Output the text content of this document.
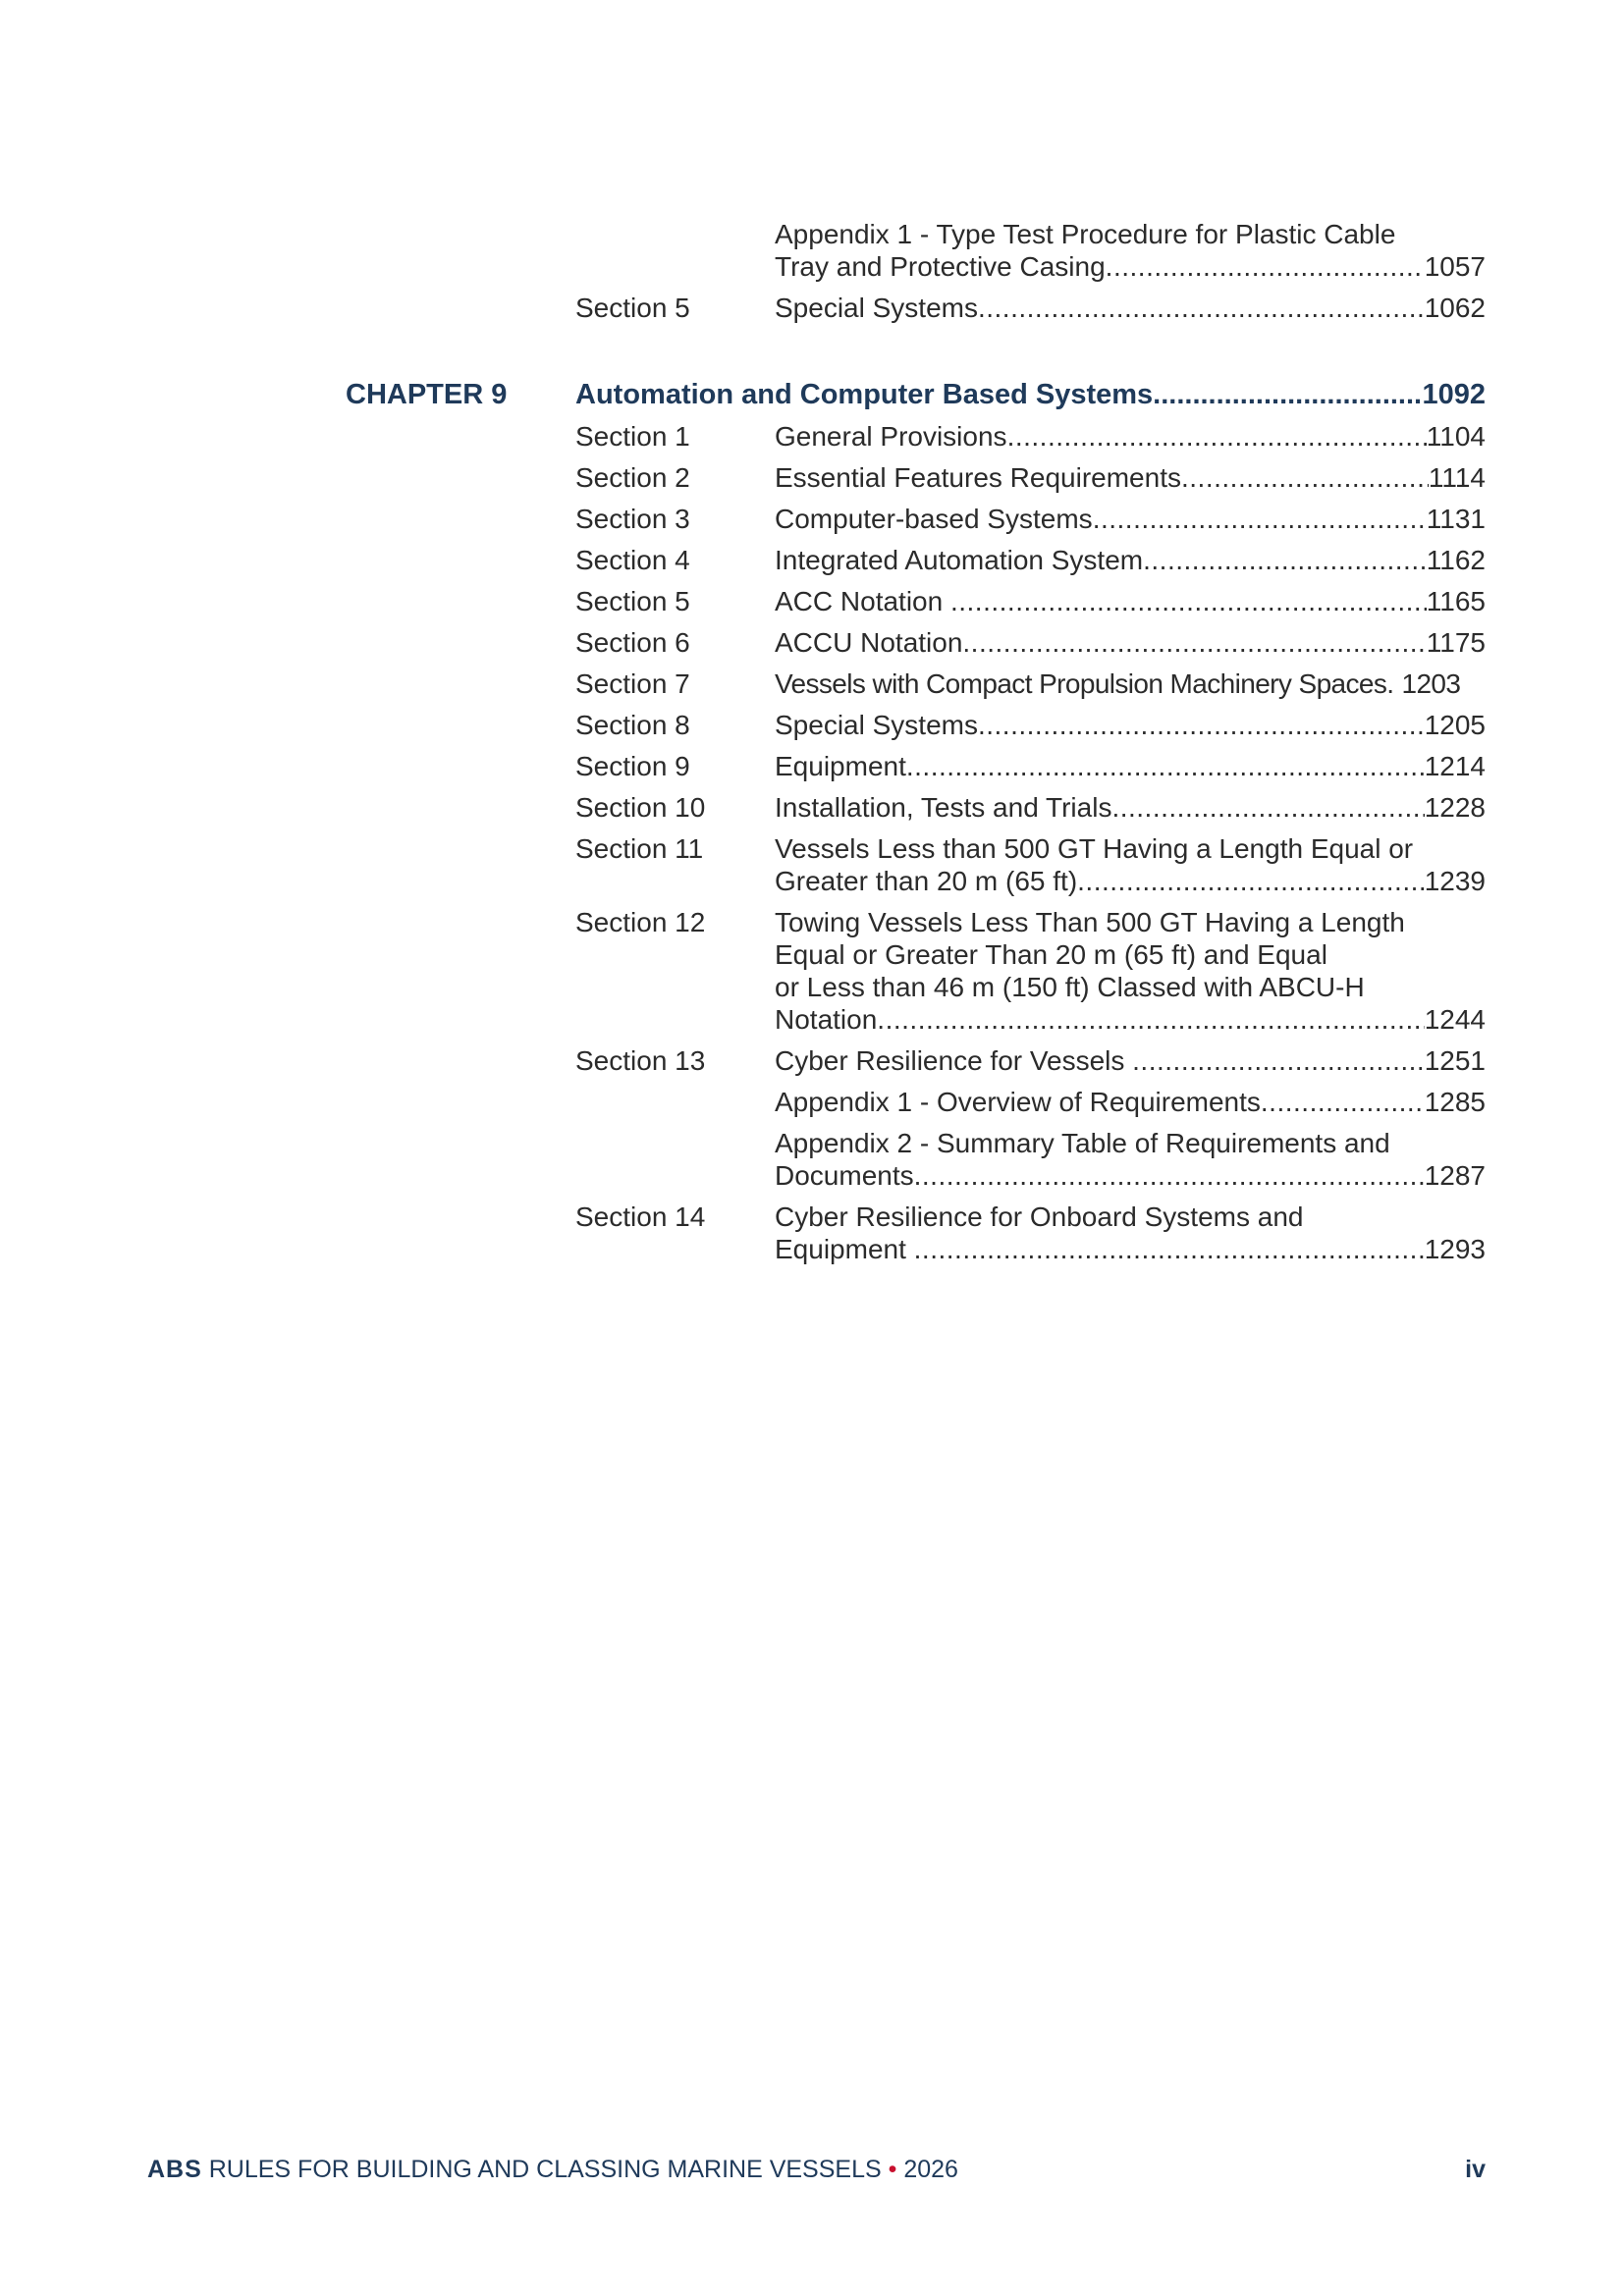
Appendix 1 - Type Test Procedure for Plastic Cable
Tray and Protective Casing .....	1057
Section 5	Special Systems .....	1062
CHAPTER 9 Automation and Computer Based Systems .....	1092
Section 1	General Provisions .....	1104
Section 2	Essential Features Requirements .....	1114
Section 3	Computer-based Systems .....	1131
Section 4	Integrated Automation System .....	1162
Section 5	ACC Notation .....	1165
Section 6	ACCU Notation .....	1175
Section 7	Vessels with Compact Propulsion Machinery Spaces. 1203
Section 8	Special Systems .....	1205
Section 9	Equipment .....	1214
Section 10	Installation, Tests and Trials .....	1228
Section 11	Vessels Less than 500 GT Having a Length Equal or
Greater than 20 m (65 ft) .....	1239
Section 12	Towing Vessels Less Than 500 GT Having a Length
Equal or Greater Than 20 m (65 ft) and Equal
or Less than 46 m (150 ft) Classed with ABCU-H
Notation .....	1244
Section 13	Cyber Resilience for Vessels .....	1251
Appendix 1 - Overview of Requirements .....	1285
Appendix 2 - Summary Table of Requirements and
Documents .....	1287
Section 14	Cyber Resilience for Onboard Systems and
Equipment .....	1293
ABS RULES FOR BUILDING AND CLASSING MARINE VESSELS • 2026	iv
